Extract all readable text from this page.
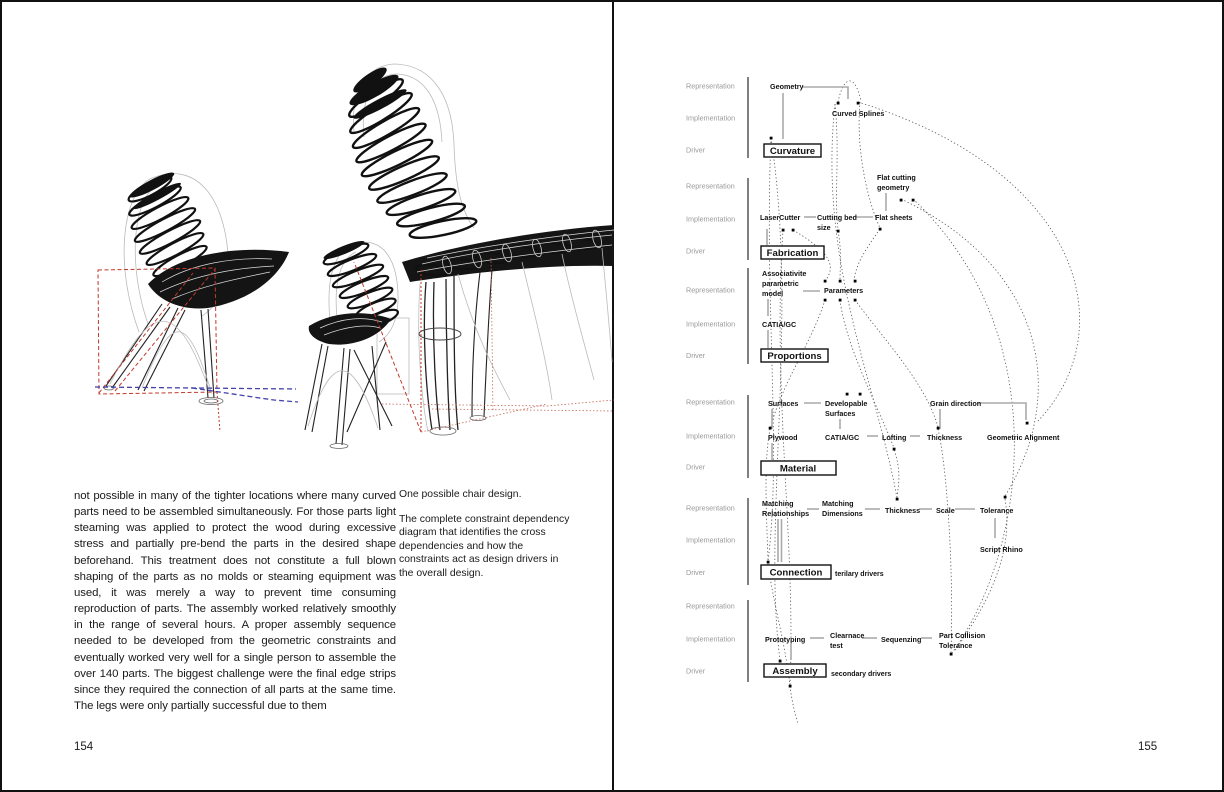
not possible in many of the tighter locations where many curved parts need to be assembled simultaneously. For those parts light steaming was applied to protect the wood during excessive stress and partially pre-bend the parts in the desired shape beforehand. This treatment does not constitute a full blown shaping of the parts as no molds or steaming equipment was used, it was merely a way to prevent time consuming reproduction of parts. The assembly worked relatively smoothly in the range of several hours. A proper assembly sequence needed to be developed from the geometric constraints and eventually worked very well for a single person to assemble the over 140 parts. The biggest challenge were the final edge strips since they required the connection of all parts at the same time. The legs were only partially successful due to them
One possible chair design.
The complete constraint dependency diagram that identifies the cross dependencies and how the constraints act as design drivers in the overall design.
154	155
Representation
Implementation
Driver
Representation
Implementation
Driver
Representation
Implementation
Driver
Representation
Implementation
Driver
Representation
Implementation
Driver
Representation
Implementation
Driver
Geometry
Curved Splines
Curvature
Flat cutting
geometry
LaserCutter Cutting bed
size
Flat sheets
Fabrication
Associativite
parametric
model	Parameters
CATIA/GC
Proportions
Surfaces	Developable
Surfaces
Grain direction
Plywood	CATIA/GC	Lofting	Thickness	Geometric Alignment
Material
Matching
Relationships
Matching
Dimensions	Thickness Scale	Tolerance
Script Rhino
Connection terilary drivers
Prototyping	Clearnace
test
Sequenzing Part Collision
Tolerance
Assembly secondary drivers
